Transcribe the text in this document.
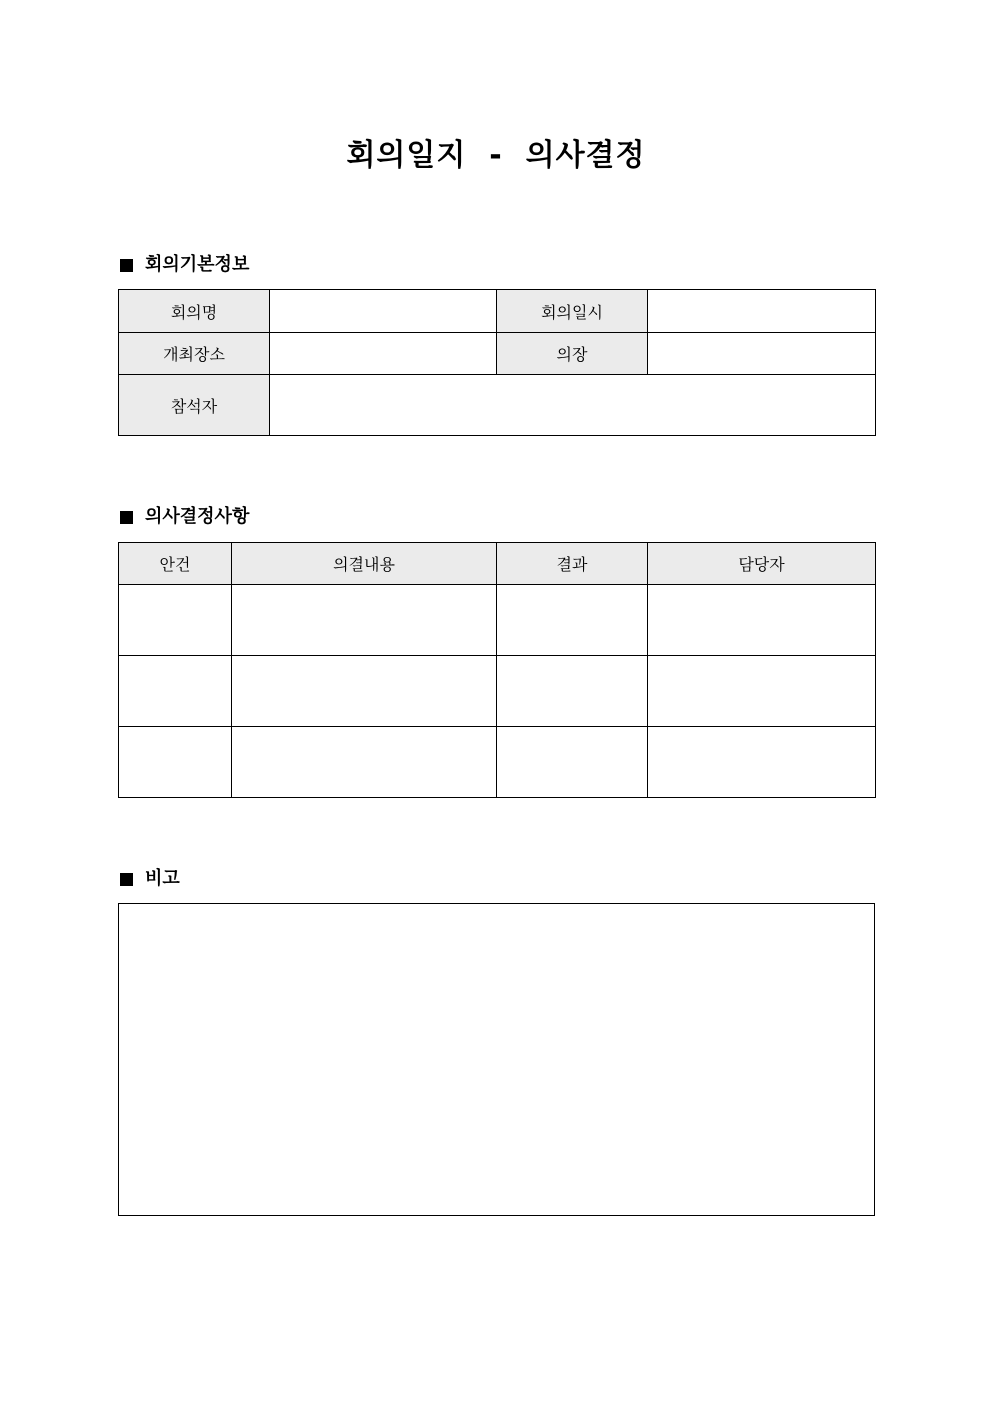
회의일지  -  의사결정
회의기본정보
회의명		회의일시	
개최장소		의장	
참석자			
의사결정사항
안건	의결내용	결과	담당자

비고
